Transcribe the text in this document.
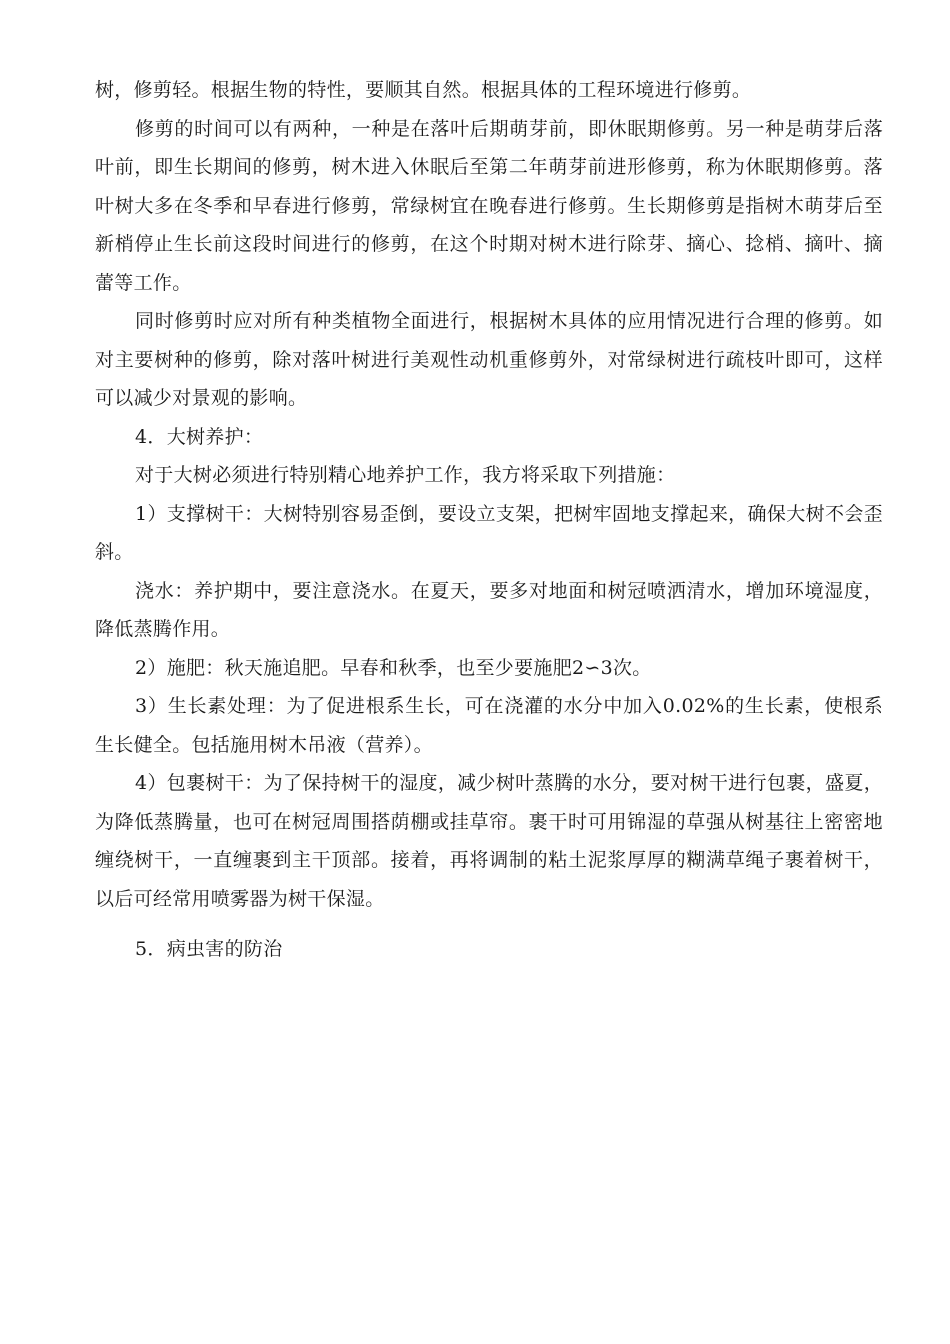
树，修剪轻。根据生物的特性，要顺其自然。根据具体的工程环境进行修剪。

修剪的时间可以有两种，一种是在落叶后期萌芽前，即休眠期修剪。另一种是萌芽后落叶前，即生长期间的修剪，树木进入休眠后至第二年萌芽前进形修剪，称为休眠期修剪。落叶树大多在冬季和早春进行修剪，常绿树宜在晚春进行修剪。生长期修剪是指树木萌芽后至新梢停止生长前这段时间进行的修剪，在这个时期对树木进行除芽、摘心、捻梢、摘叶、摘蕾等工作。

同时修剪时应对所有种类植物全面进行，根据树木具体的应用情况进行合理的修剪。如对主要树种的修剪，除对落叶树进行美观性动机重修剪外，对常绿树进行疏枝叶即可，这样可以减少对景观的影响。

4．大树养护：

对于大树必须进行特别精心地养护工作，我方将采取下列措施：

1）支撑树干：大树特别容易歪倒，要设立支架，把树牢固地支撑起来，确保大树不会歪斜。

浇水：养护期中，要注意浇水。在夏天，要多对地面和树冠喷洒清水，增加环境湿度，降低蒸腾作用。

2）施肥：秋天施追肥。早春和秋季，也至少要施肥2∽3次。

3）生长素处理：为了促进根系生长，可在浇灌的水分中加入0.02%的生长素，使根系生长健全。包括施用树木吊液（营养）。

4）包裹树干：为了保持树干的湿度，减少树叶蒸腾的水分，要对树干进行包裹，盛夏，为降低蒸腾量，也可在树冠周围搭荫棚或挂草帘。裹干时可用锦湿的草强从树基往上密密地缠绕树干，一直缠裹到主干顶部。接着，再将调制的粘土泥浆厚厚的糊满草绳子裹着树干，以后可经常用喷雾器为树干保湿。

5．病虫害的防治
